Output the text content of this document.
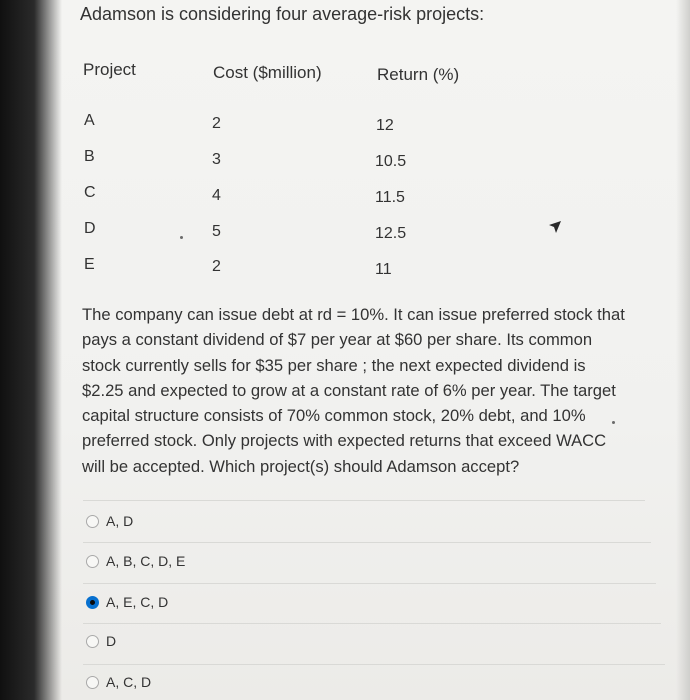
Adamson is considering four average-risk projects:
Project	Cost ($million)	Return (%)
A	2	12
B	3	10.5
C	4	11.5
D	5	12.5
E	2	11
The company can issue debt at rd = 10%. It can issue preferred stock that
pays a constant dividend of $7 per year at $60 per share. Its common
stock currently sells for $35 per share ; the next expected dividend is
$2.25 and expected to grow at a constant rate of 6% per year. The target
capital structure consists of 70% common stock, 20% debt, and 10%
preferred stock. Only projects with expected returns that exceed WACC
will be accepted. Which project(s) should Adamson accept?
A, D
A, B, C, D, E
A, E, C, D
D
A, C, D
